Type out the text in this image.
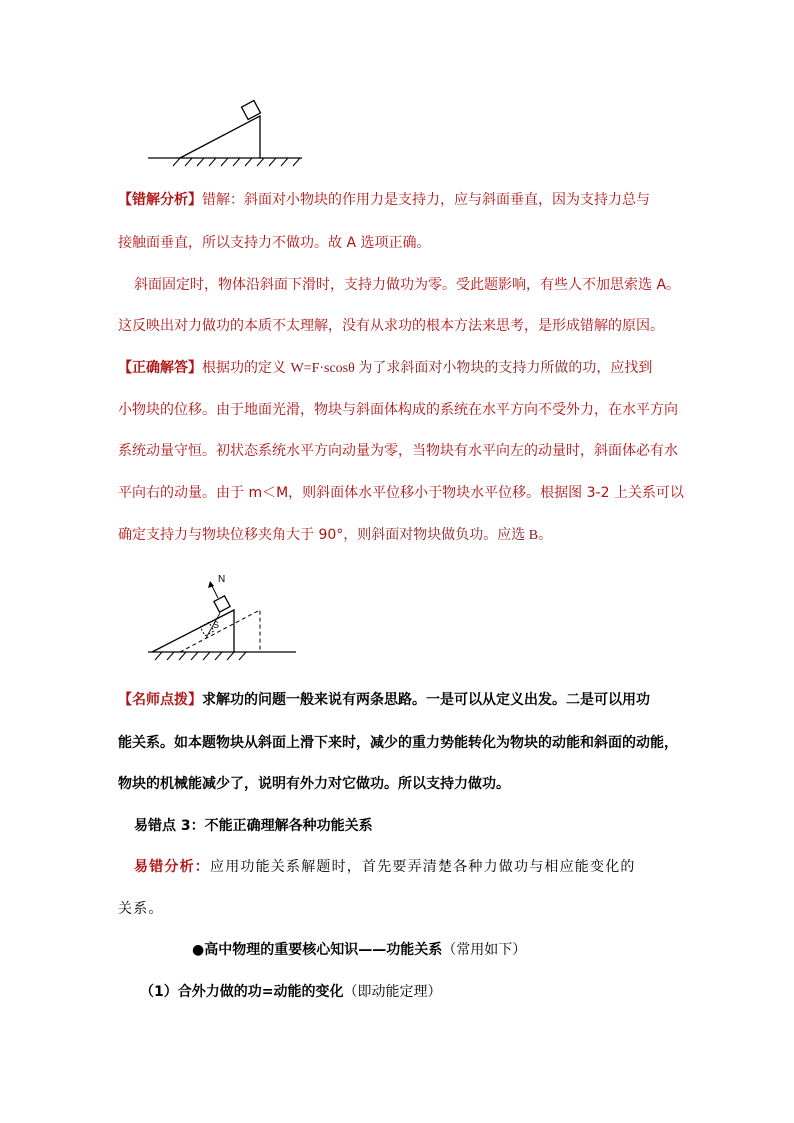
【错解分析】错解：斜面对小物块的作用力是支持力，应与斜面垂直，因为支持力总与
接触面垂直，所以支持力不做功。故 A 选项正确。
斜面固定时，物体沿斜面下滑时，支持力做功为零。受此题影响，有些人不加思索选 A。
这反映出对力做功的本质不太理解，没有从求功的根本方法来思考，是形成错解的原因。
【正确解答】根据功的定义 W=F·scosθ 为了求斜面对小物块的支持力所做的功，应找到
小物块的位移。由于地面光滑，物块与斜面体构成的系统在水平方向不受外力，在水平方向
系统动量守恒。初状态系统水平方向动量为零，当物块有水平向左的动量时，斜面体必有水
平向右的动量。由于 m＜M，则斜面体水平位移小于物块水平位移。根据图 3-2 上关系可以
确定支持力与物块位移夹角大于 90°，则斜面对物块做负功。应选 B。
N
S
【名师点拨】求解功的问题一般来说有两条思路。一是可以从定义出发。二是可以用功
能关系。如本题物块从斜面上滑下来时，减少的重力势能转化为物块的动能和斜面的动能，
物块的机械能减少了，说明有外力对它做功。所以支持力做功。
易错点 3：不能正确理解各种功能关系
易错分析：应用功能关系解题时，首先要弄清楚各种力做功与相应能变化的
关系。
●高中物理的重要核心知识——功能关系（常用如下）
（1）合外力做的功=动能的变化（即动能定理）
